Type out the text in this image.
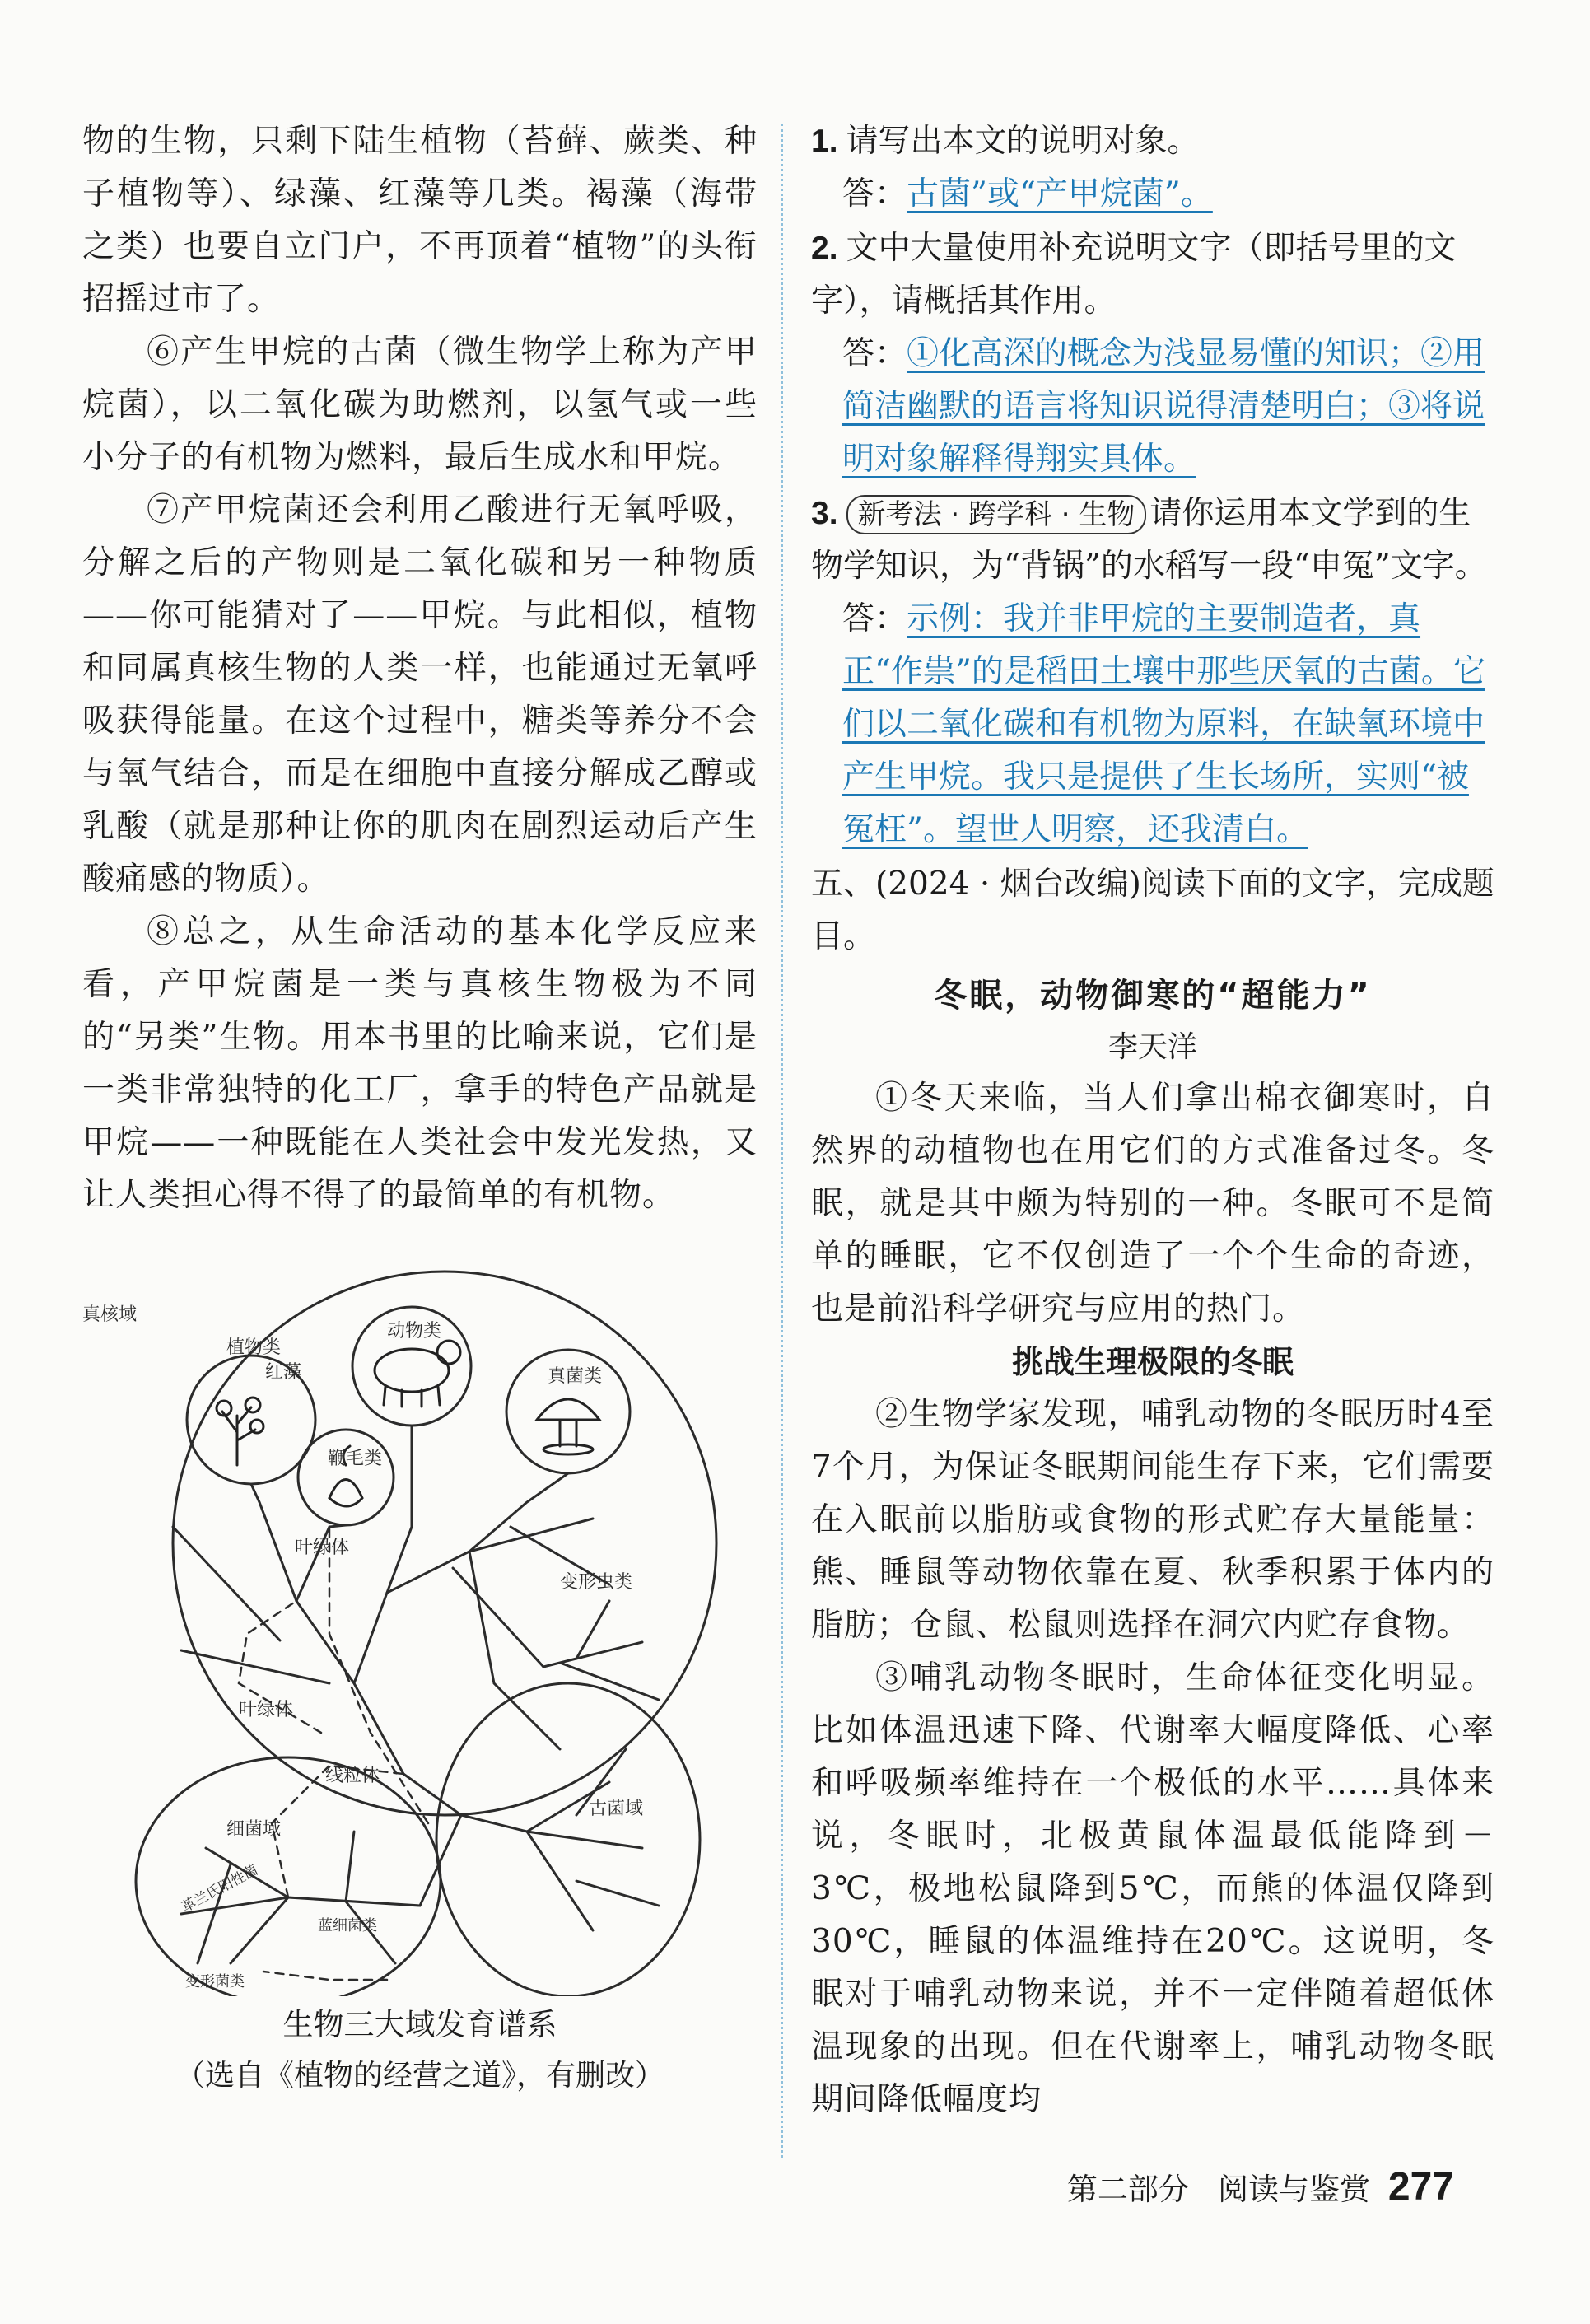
物的生物，只剩下陆生植物（苔藓、蕨类、种子植物等）、绿藻、红藻等几类。褐藻（海带之类）也要自立门户，不再顶着“植物”的头衔招摇过市了。

⑥产生甲烷的古菌（微生物学上称为产甲烷菌），以二氧化碳为助燃剂，以氢气或一些小分子的有机物为燃料，最后生成水和甲烷。

⑦产甲烷菌还会利用乙酸进行无氧呼吸，分解之后的产物则是二氧化碳和另一种物质——你可能猜对了——甲烷。与此相似，植物和同属真核生物的人类一样，也能通过无氧呼吸获得能量。在这个过程中，糖类等养分不会与氧气结合，而是在细胞中直接分解成乙醇或乳酸（就是那种让你的肌肉在剧烈运动后产生酸痛感的物质）。

⑧总之，从生命活动的基本化学反应来看，产甲烷菌是一类与真核生物极为不同的“另类”生物。用本书里的比喻来说，它们是一类非常独特的化工厂，拿手的特色产品就是甲烷——一种既能在人类社会中发光发热，又让人类担心得不得了的最简单的有机物。

真核域
植物类
红藻
动物类
真菌类
鞭毛类
叶绿体
变形虫类
叶绿体
线粒体
古菌域
细菌域
革兰氏阳性菌
蓝细菌类
变形菌类
生物三大域发育谱系
（选自《植物的经营之道》，有删改）

1. 请写出本文的说明对象。

答：古菌”或“产甲烷菌”。

2. 文中大量使用补充说明文字（即括号里的文字），请概括其作用。

答：①化高深的概念为浅显易懂的知识；②用简洁幽默的语言将知识说得清楚明白；③将说明对象解释得翔实具体。

3. 新考法 · 跨学科 · 生物 请你运用本文学到的生物学知识，为“背锅”的水稻写一段“申冤”文字。

答：示例：我并非甲烷的主要制造者，真正“作祟”的是稻田土壤中那些厌氧的古菌。它们以二氧化碳和有机物为原料，在缺氧环境中产生甲烷。我只是提供了生长场所，实则“被冤枉”。望世人明察，还我清白。

五、(2024 · 烟台改编)阅读下面的文字，完成题目。

冬眠，动物御寒的“超能力”
李天洋

①冬天来临，当人们拿出棉衣御寒时，自然界的动植物也在用它们的方式准备过冬。冬眠，就是其中颇为特别的一种。冬眠可不是简单的睡眠，它不仅创造了一个个生命的奇迹，也是前沿科学研究与应用的热门。

挑战生理极限的冬眠

②生物学家发现，哺乳动物的冬眠历时4至7个月，为保证冬眠期间能生存下来，它们需要在入眠前以脂肪或食物的形式贮存大量能量：熊、睡鼠等动物依靠在夏、秋季积累于体内的脂肪；仓鼠、松鼠则选择在洞穴内贮存食物。

③哺乳动物冬眠时，生命体征变化明显。比如体温迅速下降、代谢率大幅度降低、心率和呼吸频率维持在一个极低的水平……具体来说，冬眠时，北极黄鼠体温最低能降到－3℃，极地松鼠降到5℃，而熊的体温仅降到30℃，睡鼠的体温维持在20℃。这说明，冬眠对于哺乳动物来说，并不一定伴随着超低体温现象的出现。但在代谢率上，哺乳动物冬眠期间降低幅度均

第二部分 阅读与鉴赏 277
